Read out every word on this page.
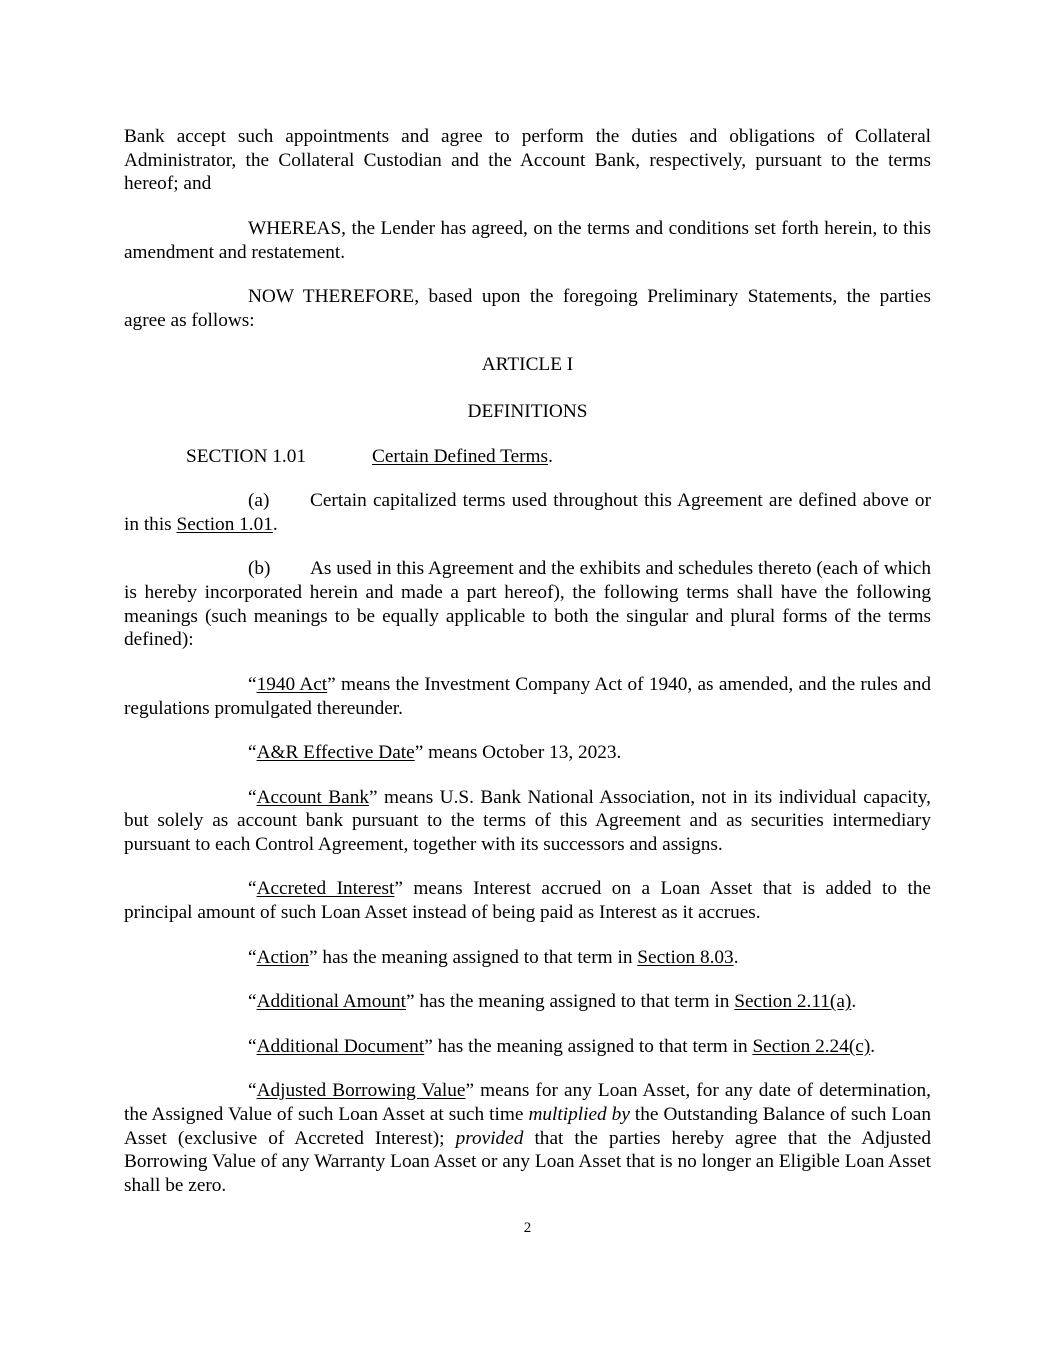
Bank accept such appointments and agree to perform the duties and obligations of Collateral Administrator, the Collateral Custodian and the Account Bank, respectively, pursuant to the terms hereof; and

WHEREAS, the Lender has agreed, on the terms and conditions set forth herein, to this amendment and restatement.

NOW THEREFORE, based upon the foregoing Preliminary Statements, the parties agree as follows:

ARTICLE I

DEFINITIONS

SECTION 1.01	Certain Defined Terms.

(a) Certain capitalized terms used throughout this Agreement are defined above or in this Section 1.01.

(b) As used in this Agreement and the exhibits and schedules thereto (each of which is hereby incorporated herein and made a part hereof), the following terms shall have the following meanings (such meanings to be equally applicable to both the singular and plural forms of the terms defined):

“1940 Act” means the Investment Company Act of 1940, as amended, and the rules and regulations promulgated thereunder.

“A&R Effective Date” means October 13, 2023.

“Account Bank” means U.S. Bank National Association, not in its individual capacity, but solely as account bank pursuant to the terms of this Agreement and as securities intermediary pursuant to each Control Agreement, together with its successors and assigns.

“Accreted Interest” means Interest accrued on a Loan Asset that is added to the principal amount of such Loan Asset instead of being paid as Interest as it accrues.

“Action” has the meaning assigned to that term in Section 8.03.

“Additional Amount” has the meaning assigned to that term in Section 2.11(a).

“Additional Document” has the meaning assigned to that term in Section 2.24(c).

“Adjusted Borrowing Value” means for any Loan Asset, for any date of determination, the Assigned Value of such Loan Asset at such time multiplied by the Outstanding Balance of such Loan Asset (exclusive of Accreted Interest); provided that the parties hereby agree that the Adjusted Borrowing Value of any Warranty Loan Asset or any Loan Asset that is no longer an Eligible Loan Asset shall be zero.

2
